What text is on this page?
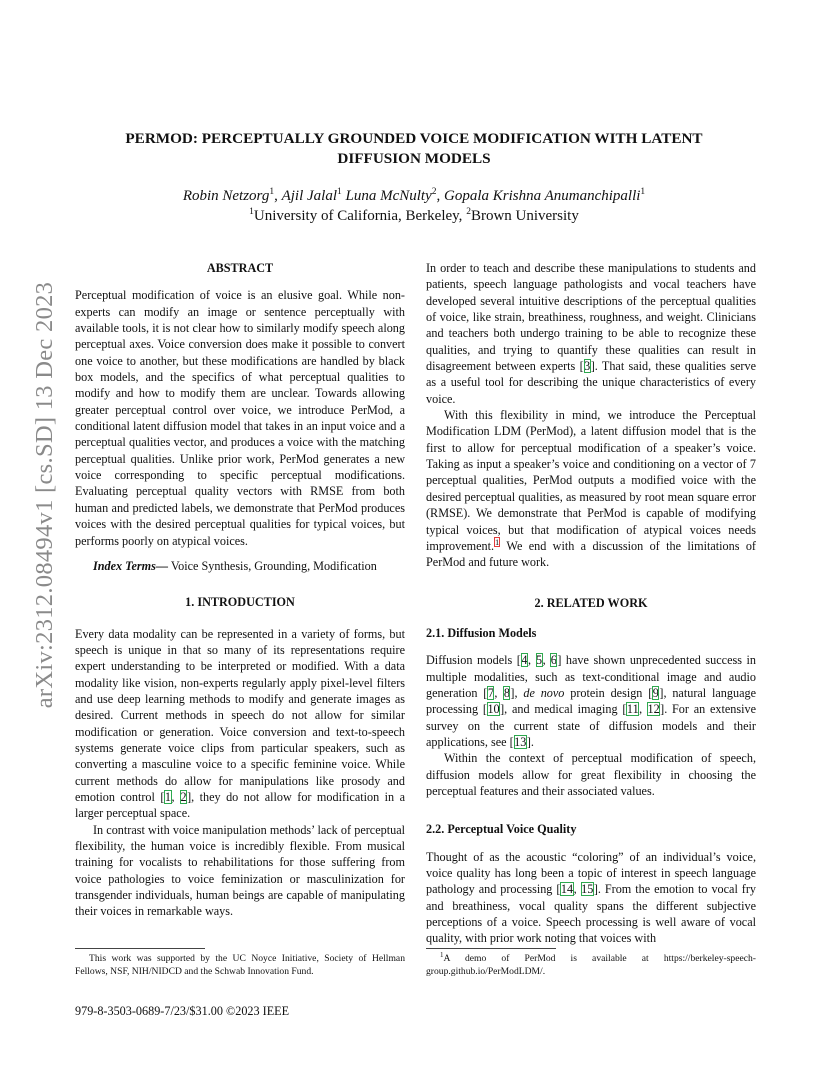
arXiv:2312.08494v1 [cs.SD] 13 Dec 2023
PERMOD: PERCEPTUALLY GROUNDED VOICE MODIFICATION WITH LATENT DIFFUSION MODELS
Robin Netzorg$^1$, Ajil Jalal$^1$ Luna McNulty$^2$, Gopala Krishna Anumanchipalli$^1$
$^1$University of California, Berkeley, $^2$Brown University

ABSTRACT

Perceptual modification of voice is an elusive goal. While non-experts can modify an image or sentence perceptually with available tools, it is not clear how to similarly modify speech along perceptual axes. Voice conversion does make it possible to convert one voice to another, but these modifications are handled by black box models, and the specifics of what perceptual qualities to modify and how to modify them are unclear. Towards allowing greater perceptual control over voice, we introduce PerMod, a conditional latent diffusion model that takes in an input voice and a perceptual qualities vector, and produces a voice with the matching perceptual qualities. Unlike prior work, PerMod generates a new voice corresponding to specific perceptual modifications. Evaluating perceptual quality vectors with RMSE from both human and predicted labels, we demonstrate that PerMod produces voices with the desired perceptual qualities for typical voices, but performs poorly on atypical voices.

Index Terms— Voice Synthesis, Grounding, Modification

1. INTRODUCTION

Every data modality can be represented in a variety of forms, but speech is unique in that so many of its representations require expert understanding to be interpreted or modified. With a data modality like vision, non-experts regularly apply pixel-level filters and use deep learning methods to modify and generate images as desired. Current methods in speech do not allow for similar modification or generation. Voice conversion and text-to-speech systems generate voice clips from particular speakers, such as converting a masculine voice to a specific feminine voice. While current methods do allow for manipulations like prosody and emotion control [1, 2], they do not allow for modification in a larger perceptual space.

In contrast with voice manipulation methods’ lack of perceptual flexibility, the human voice is incredibly flexible. From musical training for vocalists to rehabilitations for those suffering from voice pathologies to voice feminization or masculinization for transgender individuals, human beings are capable of manipulating their voices in remarkable ways.

This work was supported by the UC Noyce Initiative, Society of Hellman Fellows, NSF, NIH/NIDCD and the Schwab Innovation Fund.

In order to teach and describe these manipulations to students and patients, speech language pathologists and vocal teachers have developed several intuitive descriptions of the perceptual qualities of voice, like strain, breathiness, roughness, and weight. Clinicians and teachers both undergo training to be able to recognize these qualities, and trying to quantify these qualities can result in disagreement between experts [3]. That said, these qualities serve as a useful tool for describing the unique characteristics of every voice.

With this flexibility in mind, we introduce the Perceptual Modification LDM (PerMod), a latent diffusion model that is the first to allow for perceptual modification of a speaker’s voice. Taking as input a speaker’s voice and conditioning on a vector of 7 perceptual qualities, PerMod outputs a modified voice with the desired perceptual qualities, as measured by root mean square error (RMSE). We demonstrate that PerMod is capable of modifying typical voices, but that modification of atypical voices needs improvement.$^1$ We end with a discussion of the limitations of PerMod and future work.

2. RELATED WORK

2.1. Diffusion Models

Diffusion models [4, 5, 6] have shown unprecedented success in multiple modalities, such as text-conditional image and audio generation [7, 8], de novo protein design [9], natural language processing [10], and medical imaging [11, 12]. For an extensive survey on the current state of diffusion models and their applications, see [13].

Within the context of perceptual modification of speech, diffusion models allow for great flexibility in choosing the perceptual features and their associated values.

2.2. Perceptual Voice Quality

Thought of as the acoustic “coloring” of an individual’s voice, voice quality has long been a topic of interest in speech language pathology and processing [14, 15]. From the emotion to vocal fry and breathiness, vocal quality spans the different subjective perceptions of a voice. Speech processing is well aware of vocal quality, with prior work noting that voices with

$^1$A demo of PerMod is available at https://berkeley-speech-group.github.io/PerModLDM/.

979-8-3503-0689-7/23/$31.00 ©2023 IEEE
